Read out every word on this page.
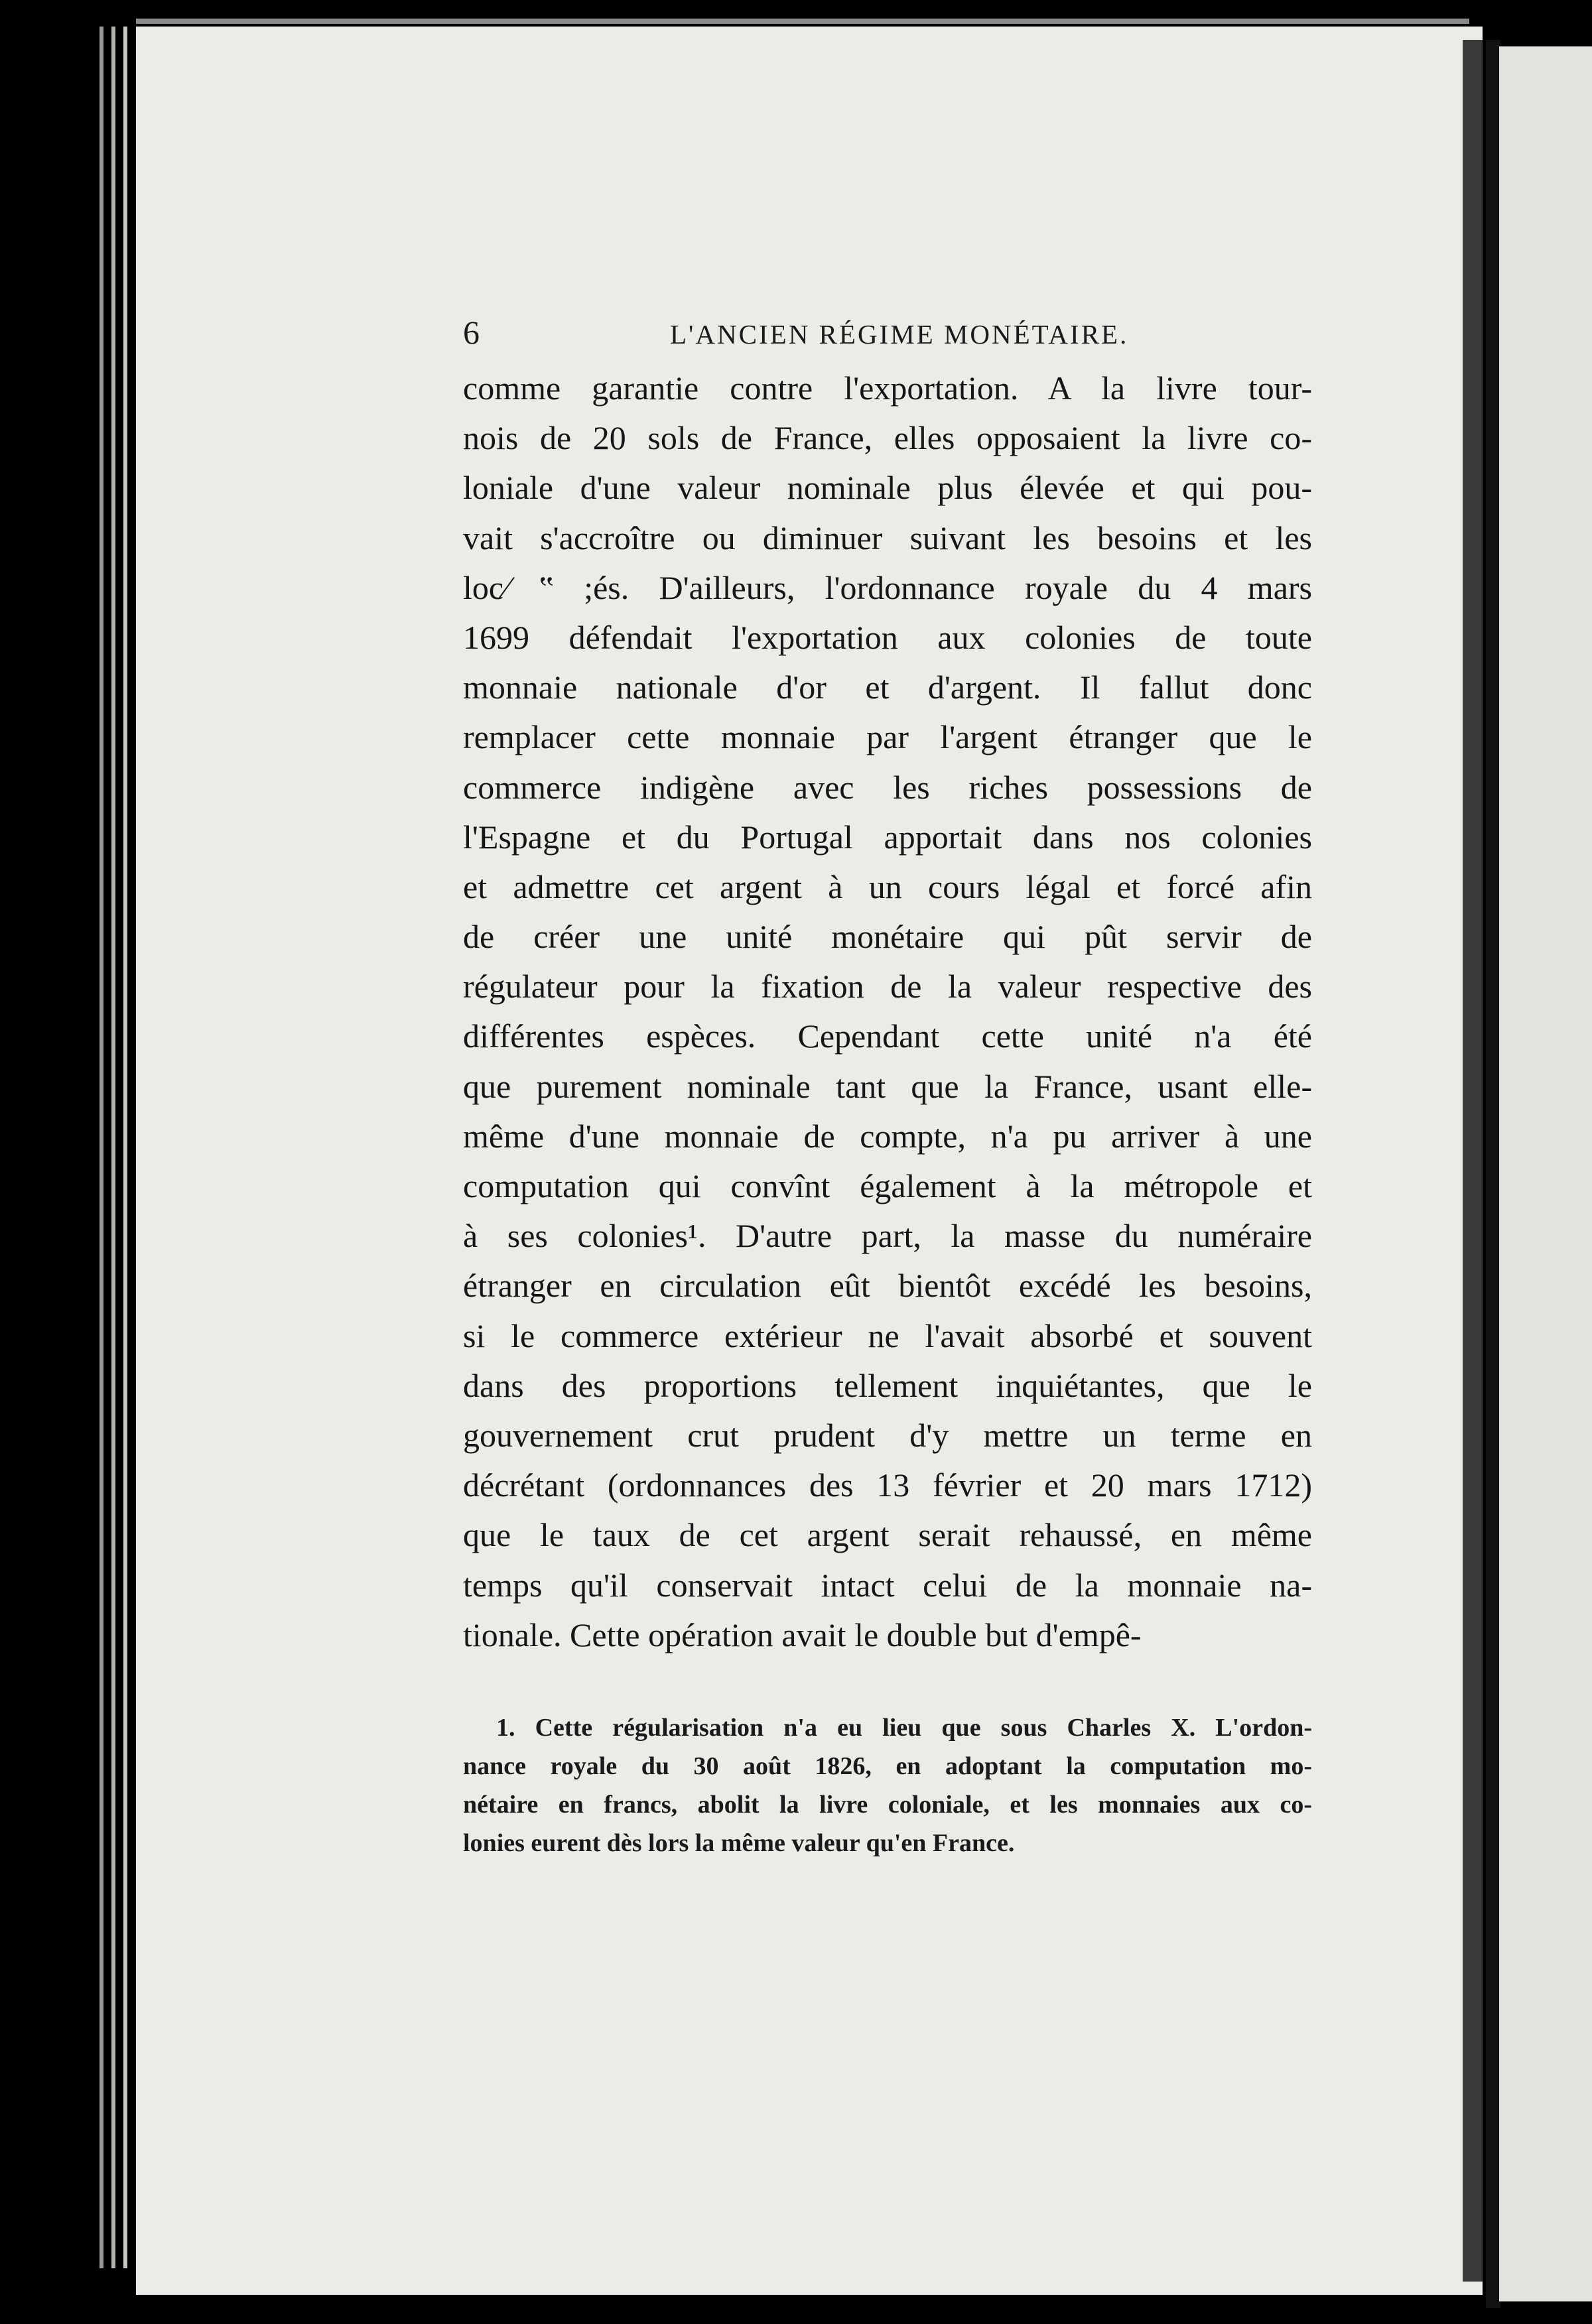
6	L'ANCIEN RÉGIME MONÉTAIRE.
comme garantie contre l'exportation. A la livre tour-
nois de 20 sols de France, elles opposaient la livre co-
loniale d'une valeur nominale plus élevée et qui pou-
vait s'accroître ou diminuer suivant les besoins et les
loc⁄ ‟ ;és. D'ailleurs, l'ordonnance royale du 4 mars
1699 défendait l'exportation aux colonies de toute
monnaie nationale d'or et d'argent. Il fallut donc
remplacer cette monnaie par l'argent étranger que le
commerce indigène avec les riches possessions de
l'Espagne et du Portugal apportait dans nos colonies
et admettre cet argent à un cours légal et forcé afin
de créer une unité monétaire qui pût servir de
régulateur pour la fixation de la valeur respective des
différentes espèces. Cependant cette unité n'a été
que purement nominale tant que la France, usant elle-
même d'une monnaie de compte, n'a pu arriver à une
computation qui convînt également à la métropole et
à ses colonies¹. D'autre part, la masse du numéraire
étranger en circulation eût bientôt excédé les besoins,
si le commerce extérieur ne l'avait absorbé et souvent
dans des proportions tellement inquiétantes, que le
gouvernement crut prudent d'y mettre un terme en
décrétant (ordonnances des 13 février et 20 mars 1712)
que le taux de cet argent serait rehaussé, en même
temps qu'il conservait intact celui de la monnaie na-
tionale. Cette opération avait le double but d'empê-
1. Cette régularisation n'a eu lieu que sous Charles X. L'ordon-
nance royale du 30 août 1826, en adoptant la computation mo-
nétaire en francs, abolit la livre coloniale, et les monnaies aux co-
lonies eurent dès lors la même valeur qu'en France.
